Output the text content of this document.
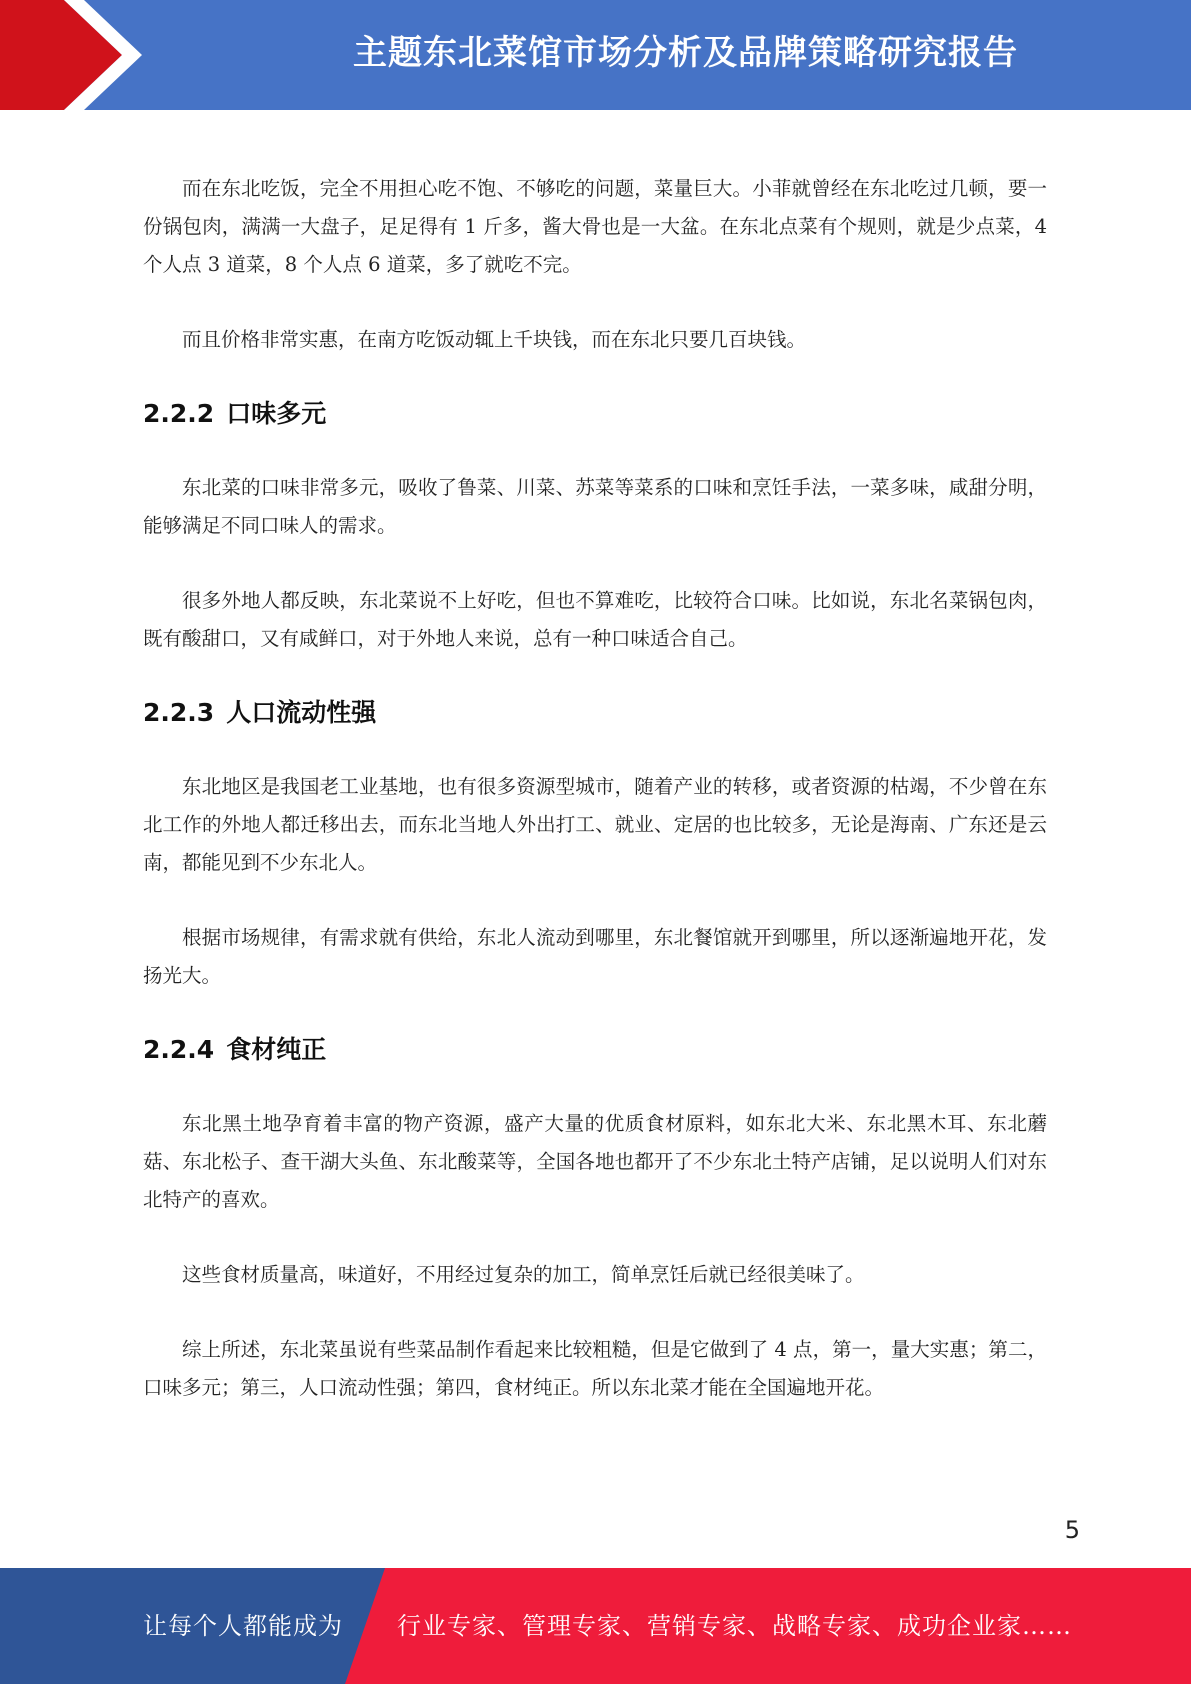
主题东北菜馆市场分析及品牌策略研究报告

而在东北吃饭，完全不用担心吃不饱、不够吃的问题，菜量巨大。小菲就曾经在东北吃过几顿，要一份锅包肉，满满一大盘子，足足得有 1 斤多，酱大骨也是一大盆。在东北点菜有个规则，就是少点菜，4 个人点 3 道菜，8 个人点 6 道菜，多了就吃不完。

而且价格非常实惠，在南方吃饭动辄上千块钱，而在东北只要几百块钱。

2.2.2 口味多元

东北菜的口味非常多元，吸收了鲁菜、川菜、苏菜等菜系的口味和烹饪手法，一菜多味，咸甜分明，能够满足不同口味人的需求。

很多外地人都反映，东北菜说不上好吃，但也不算难吃，比较符合口味。比如说，东北名菜锅包肉，既有酸甜口，又有咸鲜口，对于外地人来说，总有一种口味适合自己。

2.2.3 人口流动性强

东北地区是我国老工业基地，也有很多资源型城市，随着产业的转移，或者资源的枯竭，不少曾在东北工作的外地人都迁移出去，而东北当地人外出打工、就业、定居的也比较多，无论是海南、广东还是云南，都能见到不少东北人。

根据市场规律，有需求就有供给，东北人流动到哪里，东北餐馆就开到哪里，所以逐渐遍地开花，发扬光大。

2.2.4 食材纯正

东北黑土地孕育着丰富的物产资源，盛产大量的优质食材原料，如东北大米、东北黑木耳、东北蘑菇、东北松子、查干湖大头鱼、东北酸菜等，全国各地也都开了不少东北土特产店铺，足以说明人们对东北特产的喜欢。

这些食材质量高，味道好，不用经过复杂的加工，简单烹饪后就已经很美味了。

综上所述，东北菜虽说有些菜品制作看起来比较粗糙，但是它做到了 4 点，第一，量大实惠；第二，口味多元；第三，人口流动性强；第四，食材纯正。所以东北菜才能在全国遍地开花。

5
让每个人都能成为 行业专家、管理专家、营销专家、战略专家、成功企业家……
